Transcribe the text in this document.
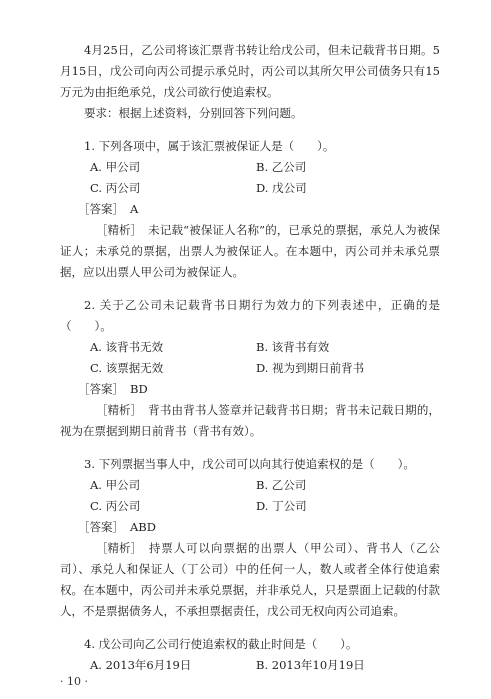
4月25日，乙公司将该汇票背书转让给戊公司，但未记载背书日期。5月15日，戊公司向丙公司提示承兑时，丙公司以其所欠甲公司债务只有15万元为由拒绝承兑，戊公司欲行使追索权。

要求：根据上述资料，分别回答下列问题。

1. 下列各项中，属于该汇票被保证人是（　　）。

A. 甲公司	B. 乙公司
C. 丙公司	D. 戊公司
［答案］ A

［精析］ 未记载“被保证人名称”的，已承兑的票据，承兑人为被保证人；未承兑的票据，出票人为被保证人。在本题中，丙公司并未承兑票据，应以出票人甲公司为被保证人。

2. 关于乙公司未记载背书日期行为效力的下列表述中，正确的是（　　）。

A. 该背书无效	B. 该背书有效
C. 该票据无效	D. 视为到期日前背书
［答案］ BD

［精析］ 背书由背书人签章并记载背书日期；背书未记载日期的，视为在票据到期日前背书（背书有效）。

3. 下列票据当事人中，戊公司可以向其行使追索权的是（　　）。

A. 甲公司	B. 乙公司
C. 丙公司	D. 丁公司
［答案］ ABD

［精析］ 持票人可以向票据的出票人（甲公司）、背书人（乙公司）、承兑人和保证人（丁公司）中的任何一人，数人或者全体行使追索权。在本题中，丙公司并未承兑票据，并非承兑人，只是票面上记载的付款人，不是票据债务人，不承担票据责任，戊公司无权向丙公司追索。

4. 戊公司向乙公司行使追索权的截止时间是（　　）。

A. 2013年6月19日	B. 2013年10月19日
· 10 ·
